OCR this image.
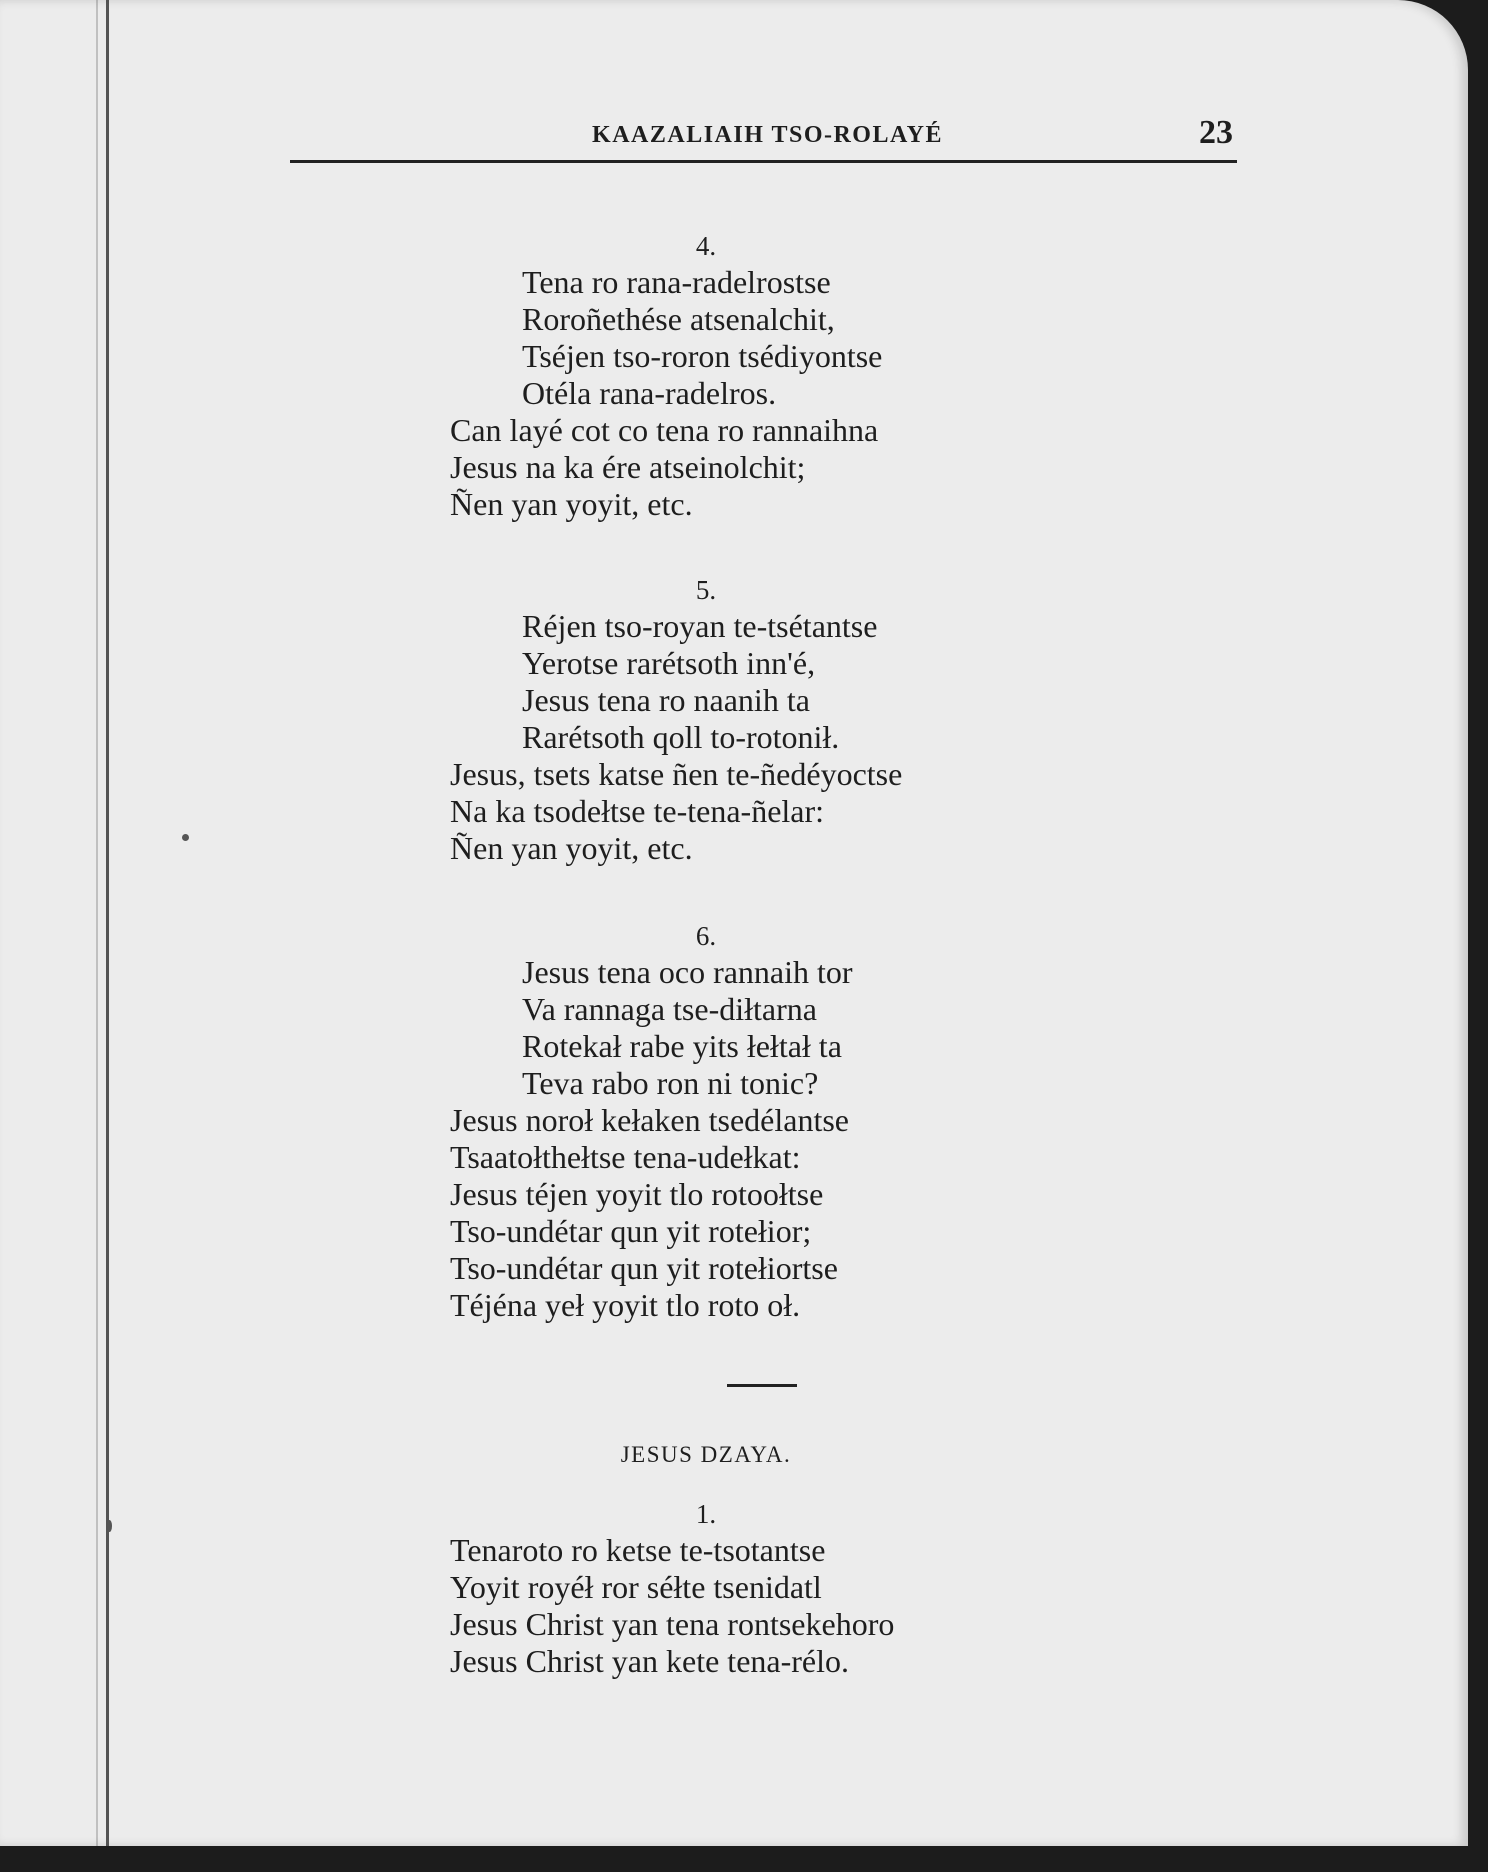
KAAZALIAIH TSO-ROLAYÉ	23
4.
Tena ro rana-radelrostse
Roroñethése atsenalchit,
Tséjen tso-roron tsédiyontse
Otéla rana-radelros.
Can layé cot co tena ro rannaihna
Jesus na ka ére atseinolchit;
Ñen yan yoyit, etc.
5.
Réjen tso-royan te-tsétantse
Yerotse rarétsoth inn'é,
Jesus tena ro naanih ta
Rarétsoth qoll to-rotonił.
Jesus, tsets katse ñen te-ñedéyoctse
Na ka tsodełtse te-tena-ñelar:
Ñen yan yoyit, etc.
6.
Jesus tena oco rannaih tor
Va rannaga tse-diłtarna
Rotekał rabe yits łełtał ta
Teva rabo ron ni tonic?
Jesus noroł kełaken tsedélantse
Tsaatołthełtse tena-udełkat:
Jesus téjen yoyit tlo rotoołtse
Tso-undétar qun yit rotełior;
Tso-undétar qun yit rotełiortse
Téjéna yeł yoyit tlo roto oł.
JESUS DZAYA.
1.
Tenaroto ro ketse te-tsotantse
Yoyit royéł ror séłte tsenidatl
Jesus Christ yan tena rontsekehoro
Jesus Christ yan kete tena-rélo.
